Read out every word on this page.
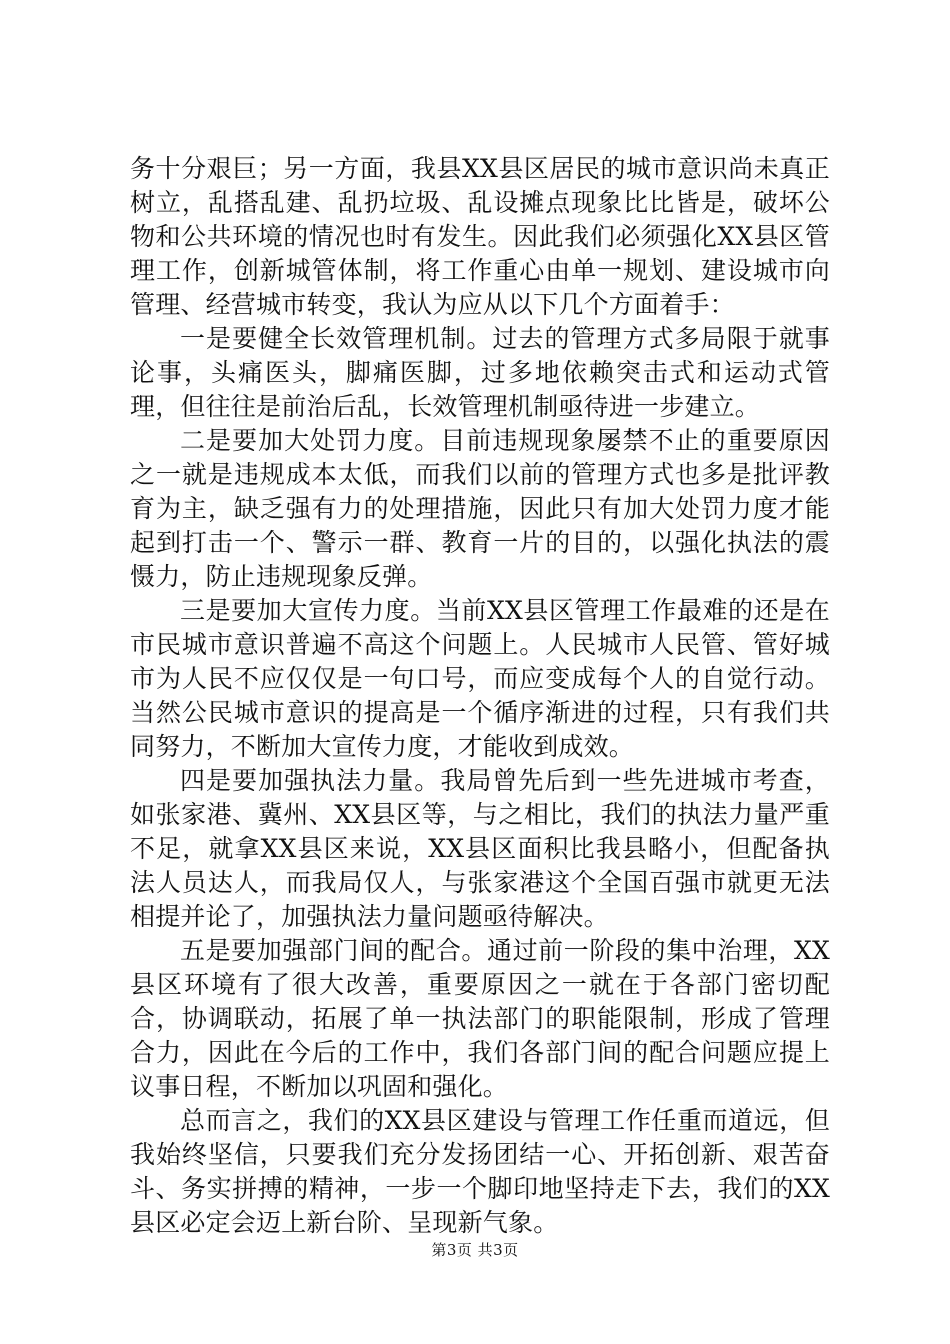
务十分艰巨；另一方面，我县XX县区居民的城市意识尚未真正树立，乱搭乱建、乱扔垃圾、乱设摊点现象比比皆是，破坏公物和公共环境的情况也时有发生。因此我们必须强化XX县区管理工作，创新城管体制，将工作重心由单一规划、建设城市向管理、经营城市转变，我认为应从以下几个方面着手：

一是要健全长效管理机制。过去的管理方式多局限于就事论事，头痛医头，脚痛医脚，过多地依赖突击式和运动式管理，但往往是前治后乱，长效管理机制亟待进一步建立。

二是要加大处罚力度。目前违规现象屡禁不止的重要原因之一就是违规成本太低，而我们以前的管理方式也多是批评教育为主，缺乏强有力的处理措施，因此只有加大处罚力度才能起到打击一个、警示一群、教育一片的目的，以强化执法的震慑力，防止违规现象反弹。

三是要加大宣传力度。当前XX县区管理工作最难的还是在市民城市意识普遍不高这个问题上。人民城市人民管、管好城市为人民不应仅仅是一句口号，而应变成每个人的自觉行动。当然公民城市意识的提高是一个循序渐进的过程，只有我们共同努力，不断加大宣传力度，才能收到成效。

四是要加强执法力量。我局曾先后到一些先进城市考查，如张家港、冀州、XX县区等，与之相比，我们的执法力量严重不足，就拿XX县区来说，XX县区面积比我县略小，但配备执法人员达人，而我局仅人，与张家港这个全国百强市就更无法相提并论了，加强执法力量问题亟待解决。

五是要加强部门间的配合。通过前一阶段的集中治理，XX县区环境有了很大改善，重要原因之一就在于各部门密切配合，协调联动，拓展了单一执法部门的职能限制，形成了管理合力，因此在今后的工作中，我们各部门间的配合问题应提上议事日程，不断加以巩固和强化。

总而言之，我们的XX县区建设与管理工作任重而道远，但我始终坚信，只要我们充分发扬团结一心、开拓创新、艰苦奋斗、务实拼搏的精神，一步一个脚印地坚持走下去，我们的XX县区必定会迈上新台阶、呈现新气象。

第3页 共3页
